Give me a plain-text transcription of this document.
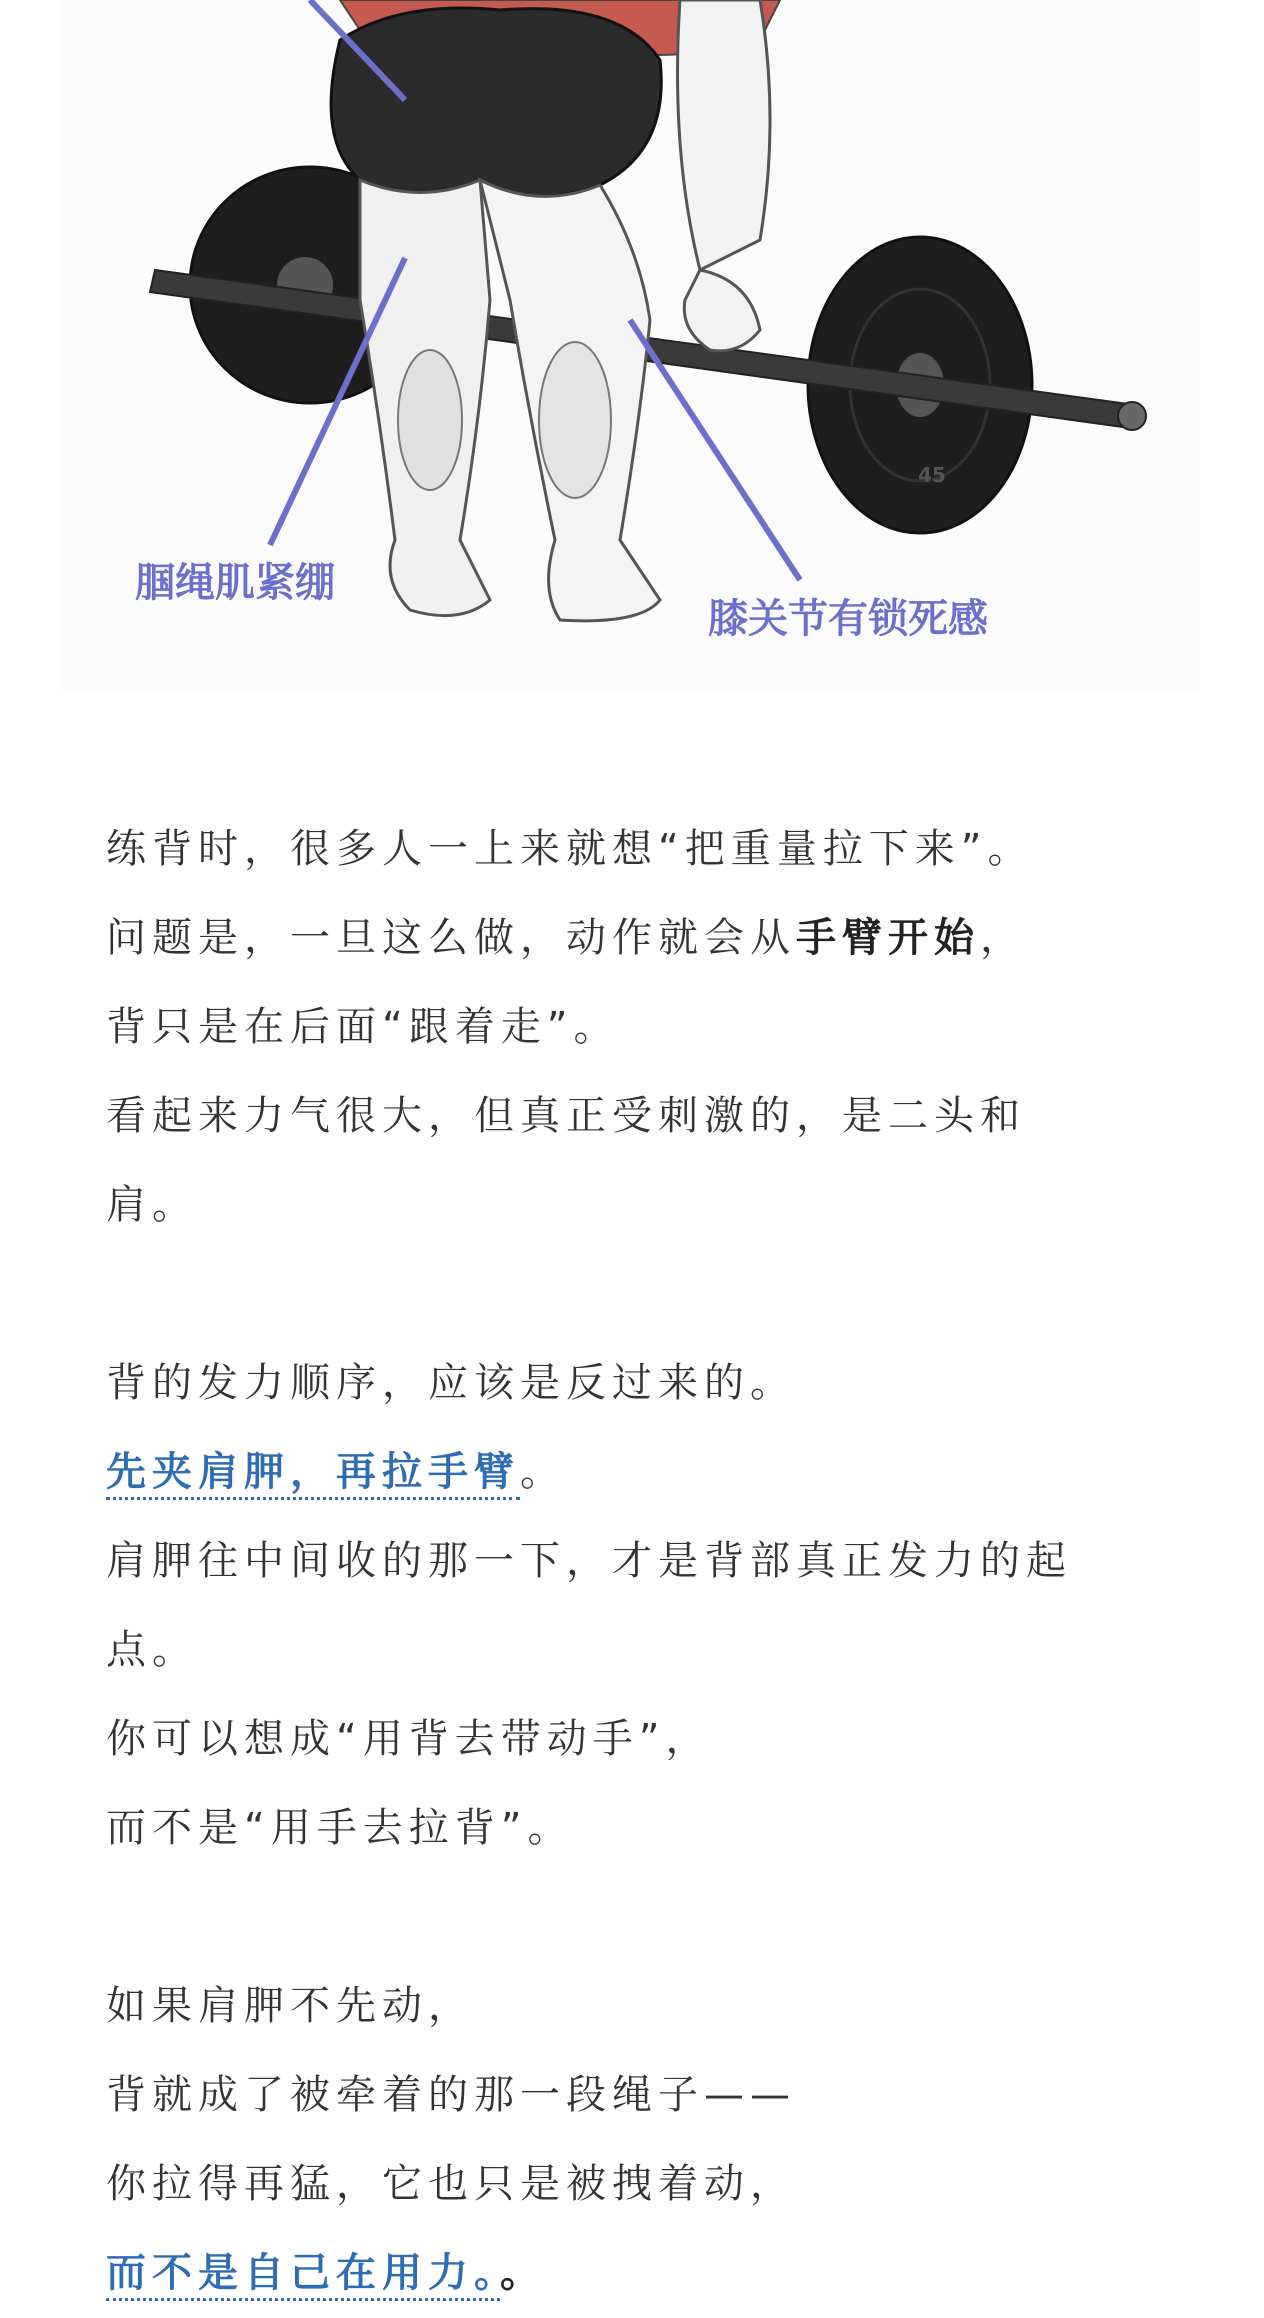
45
腘绳肌紧绷
膝关节有锁死感
练背时，很多人一上来就想“把重量拉下来”。
问题是，一旦这么做，动作就会从手臂开始，
背只是在后面“跟着走”。
看起来力气很大，但真正受刺激的，是二头和
肩。
背的发力顺序，应该是反过来的。
先夹肩胛，再拉手臂。
肩胛往中间收的那一下，才是背部真正发力的起
点。
你可以想成“用背去带动手”，
而不是“用手去拉背”。
如果肩胛不先动，
背就成了被牵着的那一段绳子——
你拉得再猛，它也只是被拽着动，
而不是自己在用力。。
